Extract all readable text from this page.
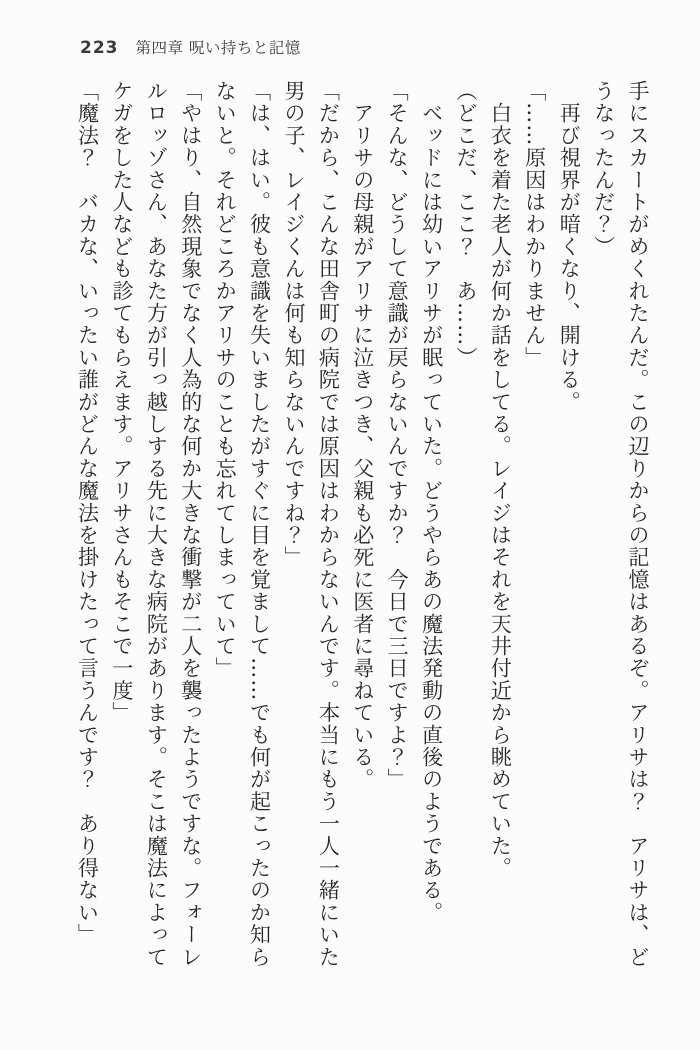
223 第四章 呪い持ちと記憶

手にスカートがめくれたんだ。この辺りからの記憶はあるぞ。アリサは？　アリサは、ど

うなったんだ？）

　再び視界が暗くなり、開ける。

「……原因はわかりません」

　白衣を着た老人が何か話をしてる。レイジはそれを天井付近から眺めていた。

（どこだ、ここ？　あ……）

　ベッドには幼いアリサが眠っていた。どうやらあの魔法発動の直後のようである。

「そんな、どうして意識が戻らないんですか？　今日で三日ですよ？」

　アリサの母親がアリサに泣きつき、父親も必死に医者に尋ねている。

「だから、こんな田舎町の病院では原因はわからないんです。本当にもう一人一緒にいた

男の子、レイジくんは何も知らないんですね？」

「は、はい。彼も意識を失いましたがすぐに目を覚まして……でも何が起こったのか知ら

ないと。それどころかアリサのことも忘れてしまっていて」

「やはり、自然現象でなく人為的な何か大きな衝撃が二人を襲ったようですな。フォーレ

ルロッゾさん、あなた方が引っ越しする先に大きな病院があります。そこは魔法によって

ケガをした人なども診てもらえます。アリサさんもそこで一度」

「魔法？　バカな、いったい誰がどんな魔法を掛けたって言うんです？　あり得ない」
